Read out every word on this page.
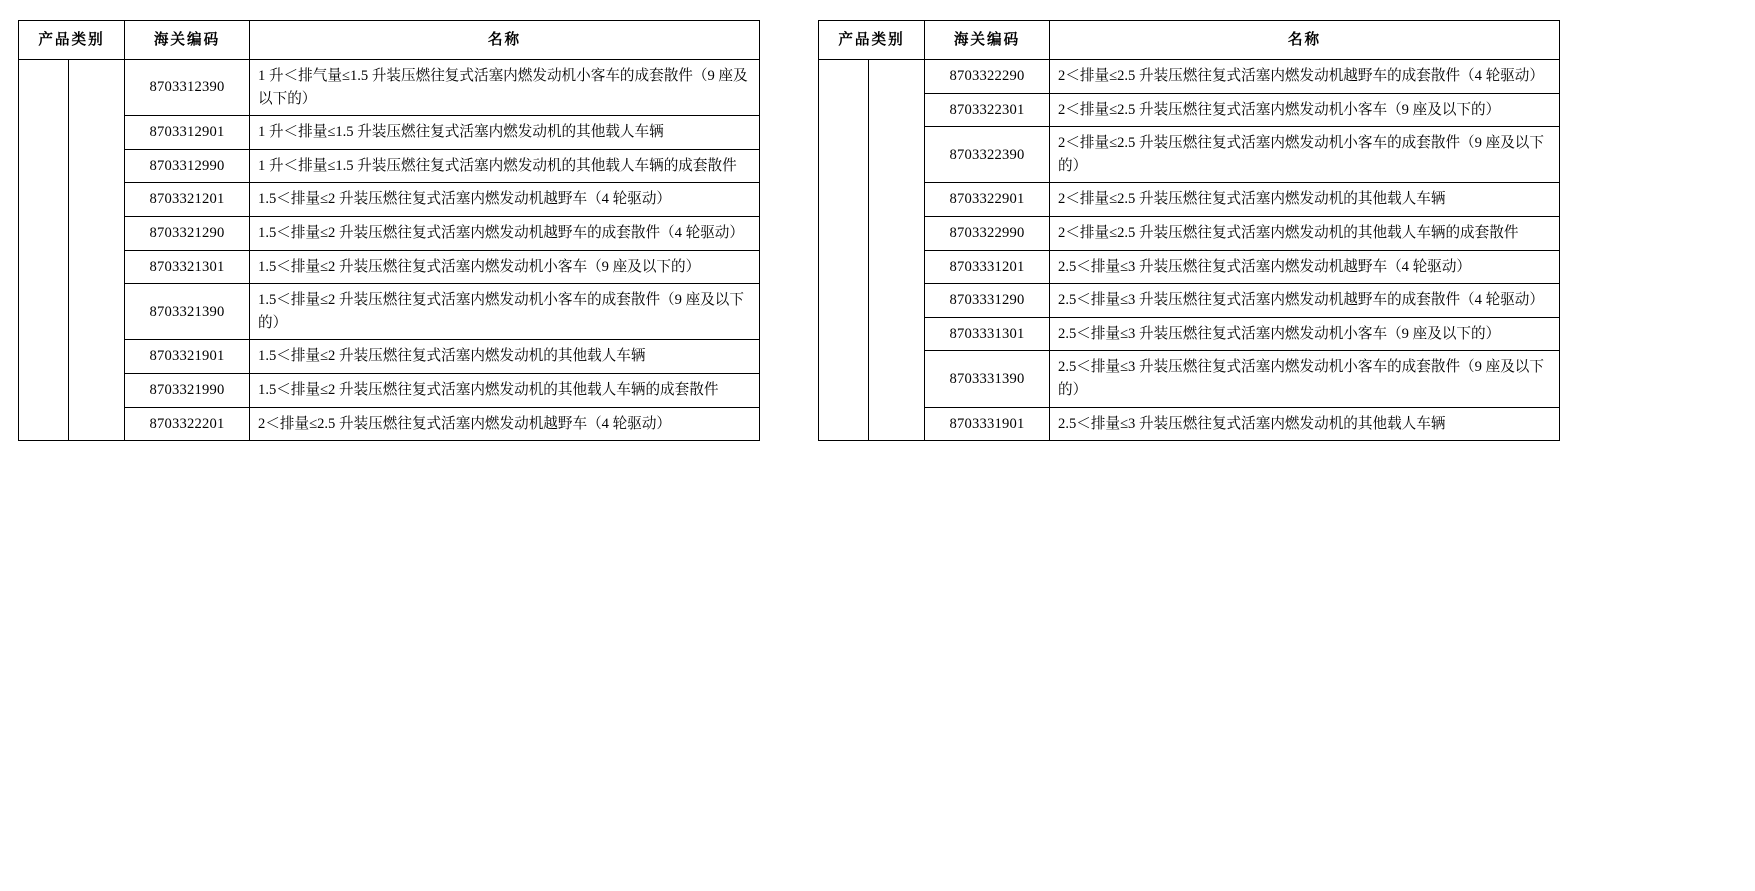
产品类别		海关编码	名称
		8703312390	1 升＜排气量≤1.5 升装压燃往复式活塞内燃发动机小客车的成套散件（9 座及以下的）
		8703312901	1 升＜排量≤1.5 升装压燃往复式活塞内燃发动机的其他载人车辆
		8703312990	1 升＜排量≤1.5 升装压燃往复式活塞内燃发动机的其他载人车辆的成套散件
		8703321201	1.5＜排量≤2 升装压燃往复式活塞内燃发动机越野车（4 轮驱动）
		8703321290	1.5＜排量≤2 升装压燃往复式活塞内燃发动机越野车的成套散件（4 轮驱动）
		8703321301	1.5＜排量≤2 升装压燃往复式活塞内燃发动机小客车（9 座及以下的）
		8703321390	1.5＜排量≤2 升装压燃往复式活塞内燃发动机小客车的成套散件（9 座及以下的）
		8703321901	1.5＜排量≤2 升装压燃往复式活塞内燃发动机的其他载人车辆
		8703321990	1.5＜排量≤2 升装压燃往复式活塞内燃发动机的其他载人车辆的成套散件
		8703322201	2＜排量≤2.5 升装压燃往复式活塞内燃发动机越野车（4 轮驱动）
产品类别		海关编码	名称
		8703322290	2＜排量≤2.5 升装压燃往复式活塞内燃发动机越野车的成套散件（4 轮驱动）
		8703322301	2＜排量≤2.5 升装压燃往复式活塞内燃发动机小客车（9 座及以下的）
		8703322390	2＜排量≤2.5 升装压燃往复式活塞内燃发动机小客车的成套散件（9 座及以下的）
		8703322901	2＜排量≤2.5 升装压燃往复式活塞内燃发动机的其他载人车辆
		8703322990	2＜排量≤2.5 升装压燃往复式活塞内燃发动机的其他载人车辆的成套散件
		8703331201	2.5＜排量≤3 升装压燃往复式活塞内燃发动机越野车（4 轮驱动）
		8703331290	2.5＜排量≤3 升装压燃往复式活塞内燃发动机越野车的成套散件（4 轮驱动）
		8703331301	2.5＜排量≤3 升装压燃往复式活塞内燃发动机小客车（9 座及以下的）
		8703331390	2.5＜排量≤3 升装压燃往复式活塞内燃发动机小客车的成套散件（9 座及以下的）
		8703331901	2.5＜排量≤3 升装压燃往复式活塞内燃发动机的其他载人车辆
